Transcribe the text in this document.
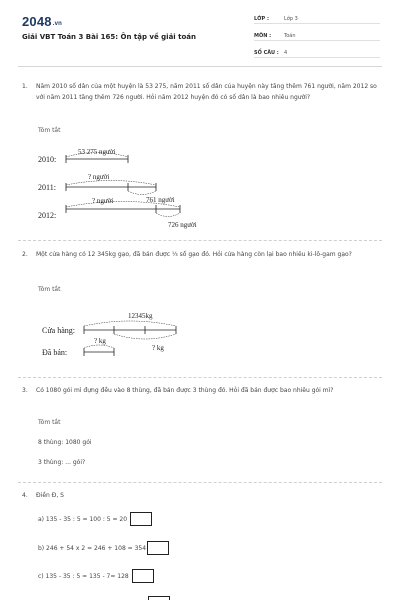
2048.vn
Giải VBT Toán 3 Bài 165: Ôn tập về giải toán
LỚP :	Lớp 3
MÔN :	Toán
SỐ CÂU :	4
1. Năm 2010 số dân của một huyện là 53 275, năm 2011 số dân của huyện này tăng thêm 761 người, năm 2012 so với năm 2011 tăng thêm 726 người. Hỏi năm 2012 huyện đó có số dân là bao nhiêu người?
Tóm tắt
2010:
53 275 người
2011:
? người
2012:
? người	761 người
726 người
2. Một cửa hàng có 12 345kg gạo, đã bán được ⅓ số gạo đó. Hỏi cửa hàng còn lại bao nhiêu ki-lô-gam gạo?
Tóm tắt
12345kg
Cửa hàng:
? kg
? kg
Đã bán:
3. Có 1080 gói mì đựng đều vào 8 thùng, đã bán được 3 thùng đó. Hỏi đã bán được bao nhiêu gói mì?
Tóm tắt
8 thùng: 1080 gói
3 thùng: ... gói?
4. Điền Đ, S
a) 135 - 35 : 5 = 100 : 5 = 20
b) 246 + 54 x 2 = 246 + 108 = 354
c) 135 - 35 : 5 = 135 - 7= 128
